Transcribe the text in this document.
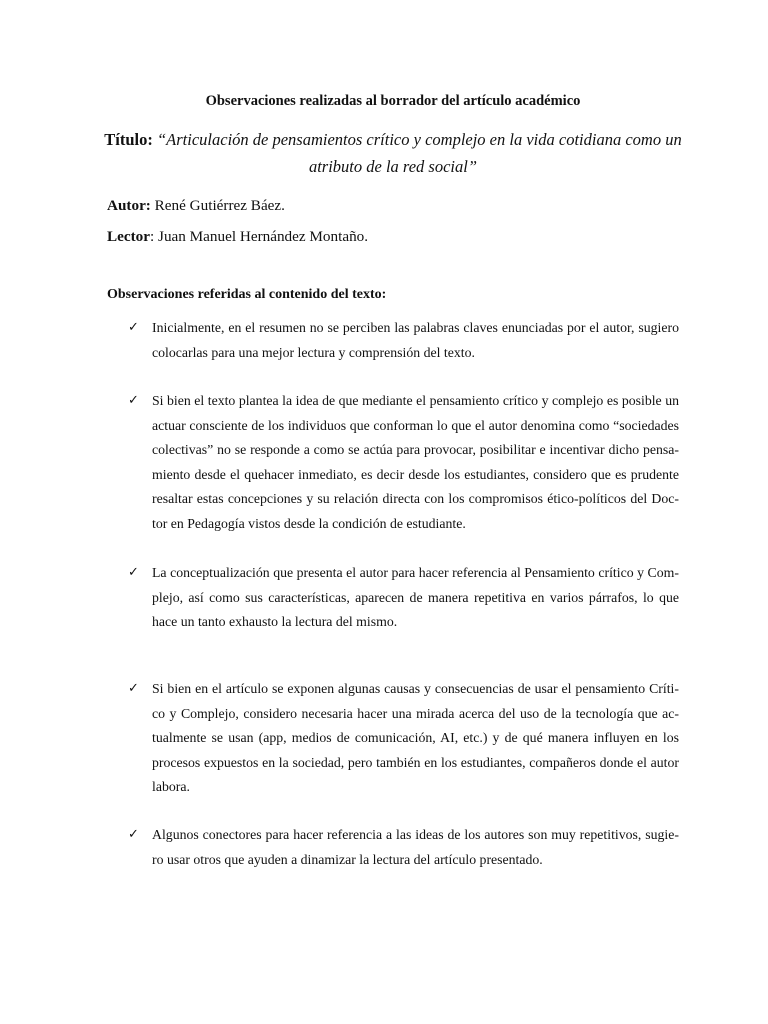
Observaciones realizadas al borrador del artículo académico
Título: “Articulación de pensamientos crítico y complejo en la vida cotidiana como un atributo de la red social”
Autor: René Gutiérrez Báez.
Lector: Juan Manuel Hernández Montaño.
Observaciones referidas al contenido del texto:
✓ Inicialmente, en el resumen no se perciben las palabras claves enunciadas por el autor, sugiero colocarlas para una mejor lectura y comprensión del texto.
✓ Si bien el texto plantea la idea de que mediante el pensamiento crítico y complejo es posible un actuar consciente de los individuos que conforman lo que el autor denomina como “sociedades colectivas” no se responde a como se actúa para provocar, posibilitar e incentivar dicho pensamiento desde el quehacer inmediato, es decir desde los estudiantes, considero que es prudente resaltar estas concepciones y su relación directa con los compromisos ético-políticos del Doctor en Pedagogía vistos desde la condición de estudiante.
✓ La conceptualización que presenta el autor para hacer referencia al Pensamiento crítico y Complejo, así como sus características, aparecen de manera repetitiva en varios párrafos, lo que hace un tanto exhausto la lectura del mismo.
✓ Si bien en el artículo se exponen algunas causas y consecuencias de usar el pensamiento Crítico y Complejo, considero necesaria hacer una mirada acerca del uso de la tecnología que actualmente se usan (app, medios de comunicación, AI, etc.) y de qué manera influyen en los procesos expuestos en la sociedad, pero también en los estudiantes, compañeros donde el autor labora.
✓ Algunos conectores para hacer referencia a las ideas de los autores son muy repetitivos, sugiero usar otros que ayuden a dinamizar la lectura del artículo presentado.
